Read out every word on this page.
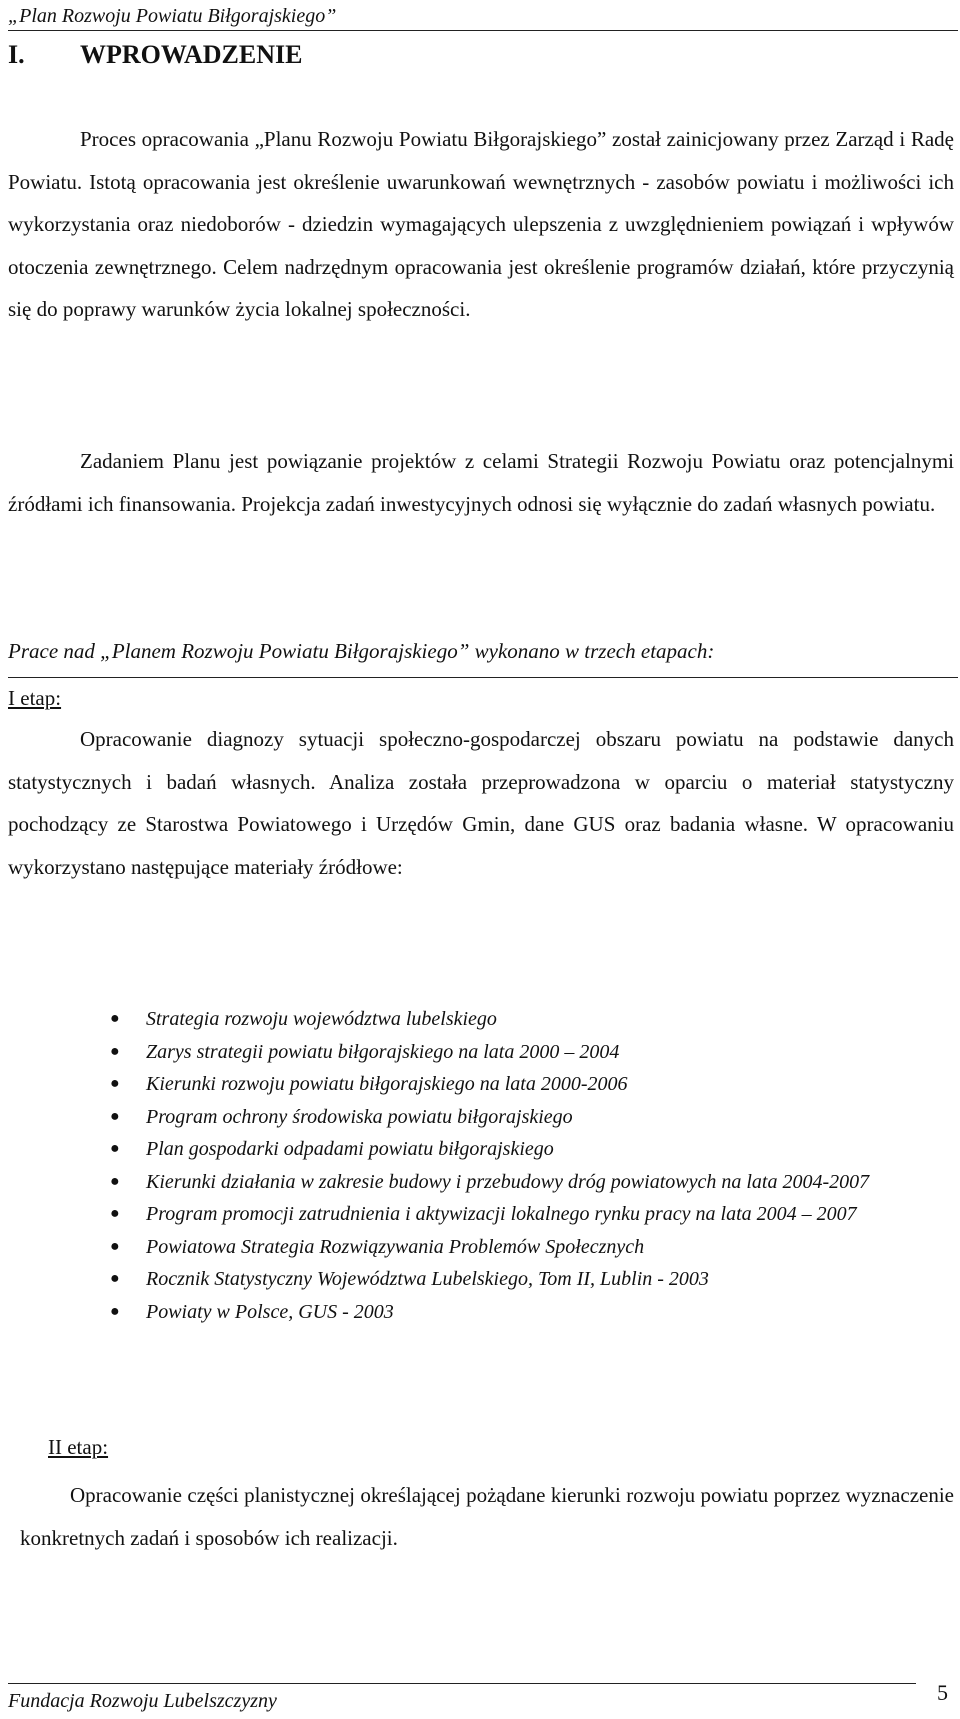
„Plan Rozwoju Powiatu Biłgorajskiego”
I. WPROWADZENIE

Proces opracowania „Planu Rozwoju Powiatu Biłgorajskiego” został zainicjowany przez Zarząd i Radę Powiatu. Istotą opracowania jest określenie uwarunkowań wewnętrznych - zasobów powiatu i możliwości ich wykorzystania oraz niedoborów - dziedzin wymagających ulepszenia z uwzględnieniem powiązań i wpływów otoczenia zewnętrznego. Celem nadrzędnym opracowania jest określenie programów działań, które przyczynią się do poprawy warunków życia lokalnej społeczności.

Zadaniem Planu jest powiązanie projektów z celami Strategii Rozwoju Powiatu oraz potencjalnymi źródłami ich finansowania. Projekcja zadań inwestycyjnych odnosi się wyłącznie do zadań własnych powiatu.

Prace nad „Planem Rozwoju Powiatu Biłgorajskiego” wykonano w trzech etapach:
I etap:

Opracowanie diagnozy sytuacji społeczno-gospodarczej obszaru powiatu na podstawie danych statystycznych i badań własnych. Analiza została przeprowadzona w oparciu o materiał statystyczny pochodzący ze Starostwa Powiatowego i Urzędów Gmin, dane GUS oraz badania własne. W opracowaniu wykorzystano następujące materiały źródłowe:

● Strategia rozwoju województwa lubelskiego
● Zarys strategii powiatu biłgorajskiego na lata 2000 – 2004
● Kierunki rozwoju powiatu biłgorajskiego na lata 2000-2006
● Program ochrony środowiska powiatu biłgorajskiego
● Plan gospodarki odpadami powiatu biłgorajskiego
● Kierunki działania w zakresie budowy i przebudowy dróg powiatowych na lata 2004-2007
● Program promocji zatrudnienia i aktywizacji lokalnego rynku pracy na lata 2004 – 2007
● Powiatowa Strategia Rozwiązywania Problemów Społecznych
● Rocznik Statystyczny Województwa Lubelskiego, Tom II, Lublin - 2003
● Powiaty w Polsce, GUS - 2003
II etap:

Opracowanie części planistycznej określającej pożądane kierunki rozwoju powiatu poprzez wyznaczenie konkretnych zadań i sposobów ich realizacji.

Fundacja Rozwoju Lubelszczyzny	5
